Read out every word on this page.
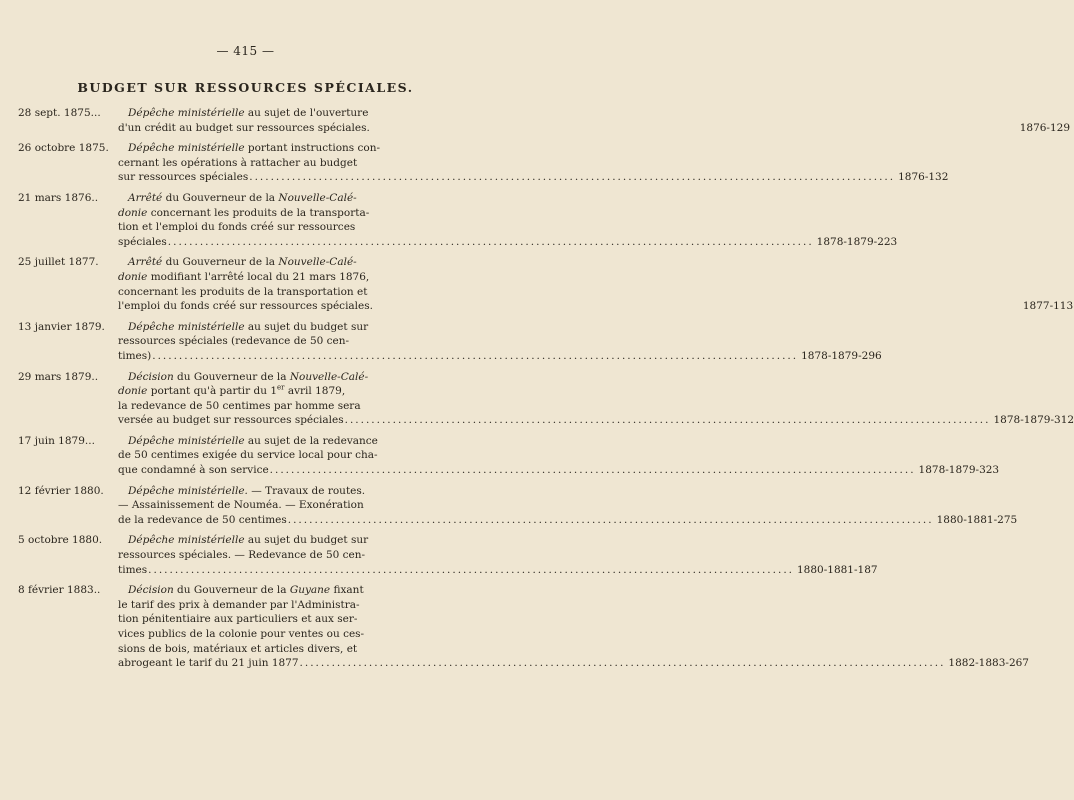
— 415 —
BUDGET SUR RESSOURCES SPÉCIALES.
28 sept. 1875...	Dépêche ministérielle au sujet de l'ouverture
d'un crédit au budget sur ressources spéciales.	1876-129
26 octobre 1875.	Dépêche ministérielle portant instructions con-
cernant les opérations à rattacher au budget
sur ressources spéciales .....	1876-132
21 mars 1876..	Arrêté du Gouverneur de la Nouvelle-Calé-
donie concernant les produits de la transporta-
tion et l'emploi du fonds créé sur ressources
spéciales .....	1878-1879-223
25 juillet 1877.	Arrêté du Gouverneur de la Nouvelle-Calé-
donie modifiant l'arrêté local du 21 mars 1876,
concernant les produits de la transportation et
l'emploi du fonds créé sur ressources spéciales.	1877-113
13 janvier 1879.	Dépêche ministérielle au sujet du budget sur
ressources spéciales (redevance de 50 cen-
times) .....	1878-1879-296
29 mars 1879..	Décision du Gouverneur de la Nouvelle-Calé-
donie portant qu'à partir du 1er avril 1879,
la redevance de 50 centimes par homme sera
versée au budget sur ressources spéciales .....	1878-1879-312
17 juin 1879...	Dépêche ministérielle au sujet de la redevance
de 50 centimes exigée du service local pour cha-
que condamné à son service .....	1878-1879-323
12 février 1880.	Dépêche ministérielle. — Travaux de routes.
— Assainissement de Nouméa. — Exonération
de la redevance de 50 centimes .....	1880-1881-275
5 octobre 1880.	Dépêche ministérielle au sujet du budget sur
ressources spéciales. — Redevance de 50 cen-
times .....	1880-1881-187
8 février 1883..	Décision du Gouverneur de la Guyane fixant
le tarif des prix à demander par l'Administra-
tion pénitentiaire aux particuliers et aux ser-
vices publics de la colonie pour ventes ou ces-
sions de bois, matériaux et articles divers, et
abrogeant le tarif du 21 juin 1877 .....	1882-1883-267
